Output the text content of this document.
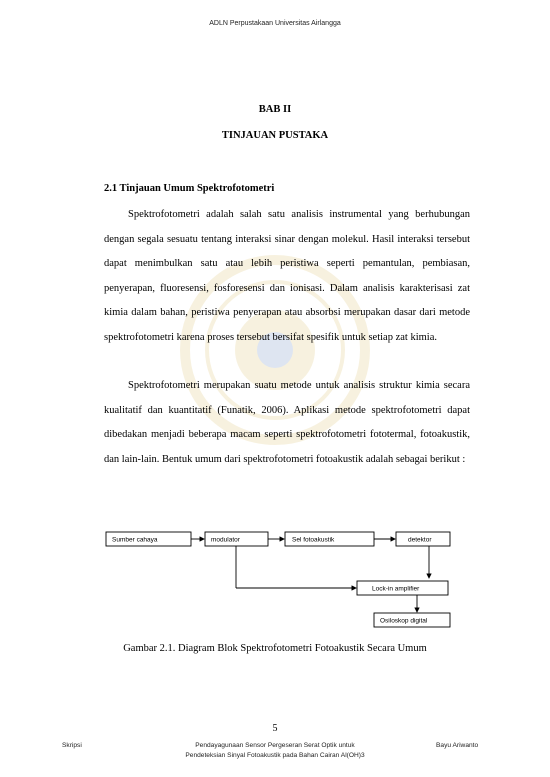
ADLN Perpustakaan Universitas Airlangga
BAB II
TINJAUAN PUSTAKA
2.1 Tinjauan Umum Spektrofotometri

Spektrofotometri adalah salah satu analisis instrumental yang berhubungan dengan segala sesuatu tentang interaksi sinar dengan molekul. Hasil interaksi tersebut dapat menimbulkan satu atau lebih peristiwa seperti pemantulan, pembiasan, penyerapan, fluoresensi, fosforesensi dan ionisasi. Dalam analisis karakterisasi zat kimia dalam bahan, peristiwa penyerapan atau absorbsi merupakan dasar dari metode spektrofotometri karena proses tersebut bersifat spesifik untuk setiap zat kimia.

Spektrofotometri merupakan suatu metode untuk analisis struktur kimia secara kualitatif dan kuantitatif (Funatik, 2006). Aplikasi metode spektrofotometri dapat dibedakan menjadi beberapa macam seperti spektrofotometri fototermal, fotoakustik, dan lain-lain. Bentuk umum dari spektrofotometri fotoakustik adalah sebagai berikut :

Sumber cahaya	modulator	Sel fotoakustik	detektor
Lock-in amplifier
Osiloskop digital
Gambar 2.1. Diagram Blok Spektrofotometri Fotoakustik Secara Umum
5
Skripsi	Pendayagunaan Sensor Pergeseran Serat Optik untuk
Pendeteksian Sinyal Fotoakustik pada Bahan Cairan Al(OH)3
Bayu Ariwanto
